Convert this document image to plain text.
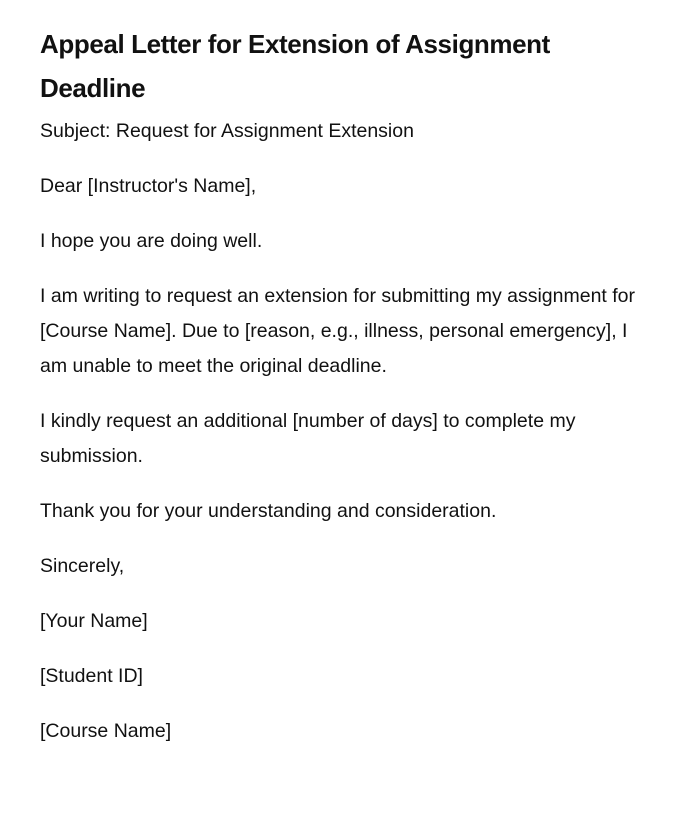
Appeal Letter for Extension of Assignment Deadline

Subject: Request for Assignment Extension

Dear [Instructor's Name],

I hope you are doing well.

I am writing to request an extension for submitting my assignment for [Course Name]. Due to [reason, e.g., illness, personal emergency], I am unable to meet the original deadline.

I kindly request an additional [number of days] to complete my submission.

Thank you for your understanding and consideration.

Sincerely,

[Your Name]

[Student ID]

[Course Name]
